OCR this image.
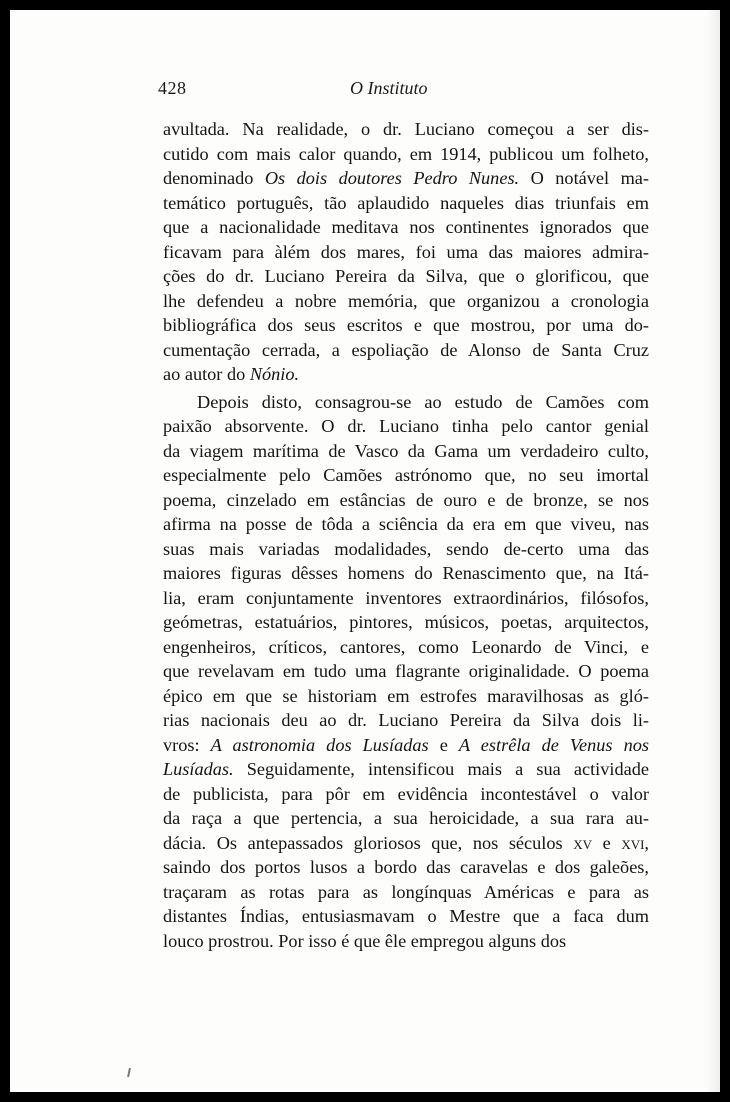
428	O Instituto
avultada. Na realidade, o dr. Luciano começou a ser dis-
cutido com mais calor quando, em 1914, publicou um folheto,
denominado Os dois doutores Pedro Nunes. O notável ma-
temático português, tão aplaudido naqueles dias triunfais em
que a nacionalidade meditava nos continentes ignorados que
ficavam para àlém dos mares, foi uma das maiores admira-
ções do dr. Luciano Pereira da Silva, que o glorificou, que
lhe defendeu a nobre memória, que organizou a cronologia
bibliográfica dos seus escritos e que mostrou, por uma do-
cumentação cerrada, a espoliação de Alonso de Santa Cruz
ao autor do Nónio.
Depois disto, consagrou-se ao estudo de Camões com
paixão absorvente. O dr. Luciano tinha pelo cantor genial
da viagem marítima de Vasco da Gama um verdadeiro culto,
especialmente pelo Camões astrónomo que, no seu imortal
poema, cinzelado em estâncias de ouro e de bronze, se nos
afirma na posse de tôda a sciência da era em que viveu, nas
suas mais variadas modalidades, sendo de-certo uma das
maiores figuras dêsses homens do Renascimento que, na Itá-
lia, eram conjuntamente inventores extraordinários, filósofos,
geómetras, estatuários, pintores, músicos, poetas, arquitectos,
engenheiros, críticos, cantores, como Leonardo de Vinci, e
que revelavam em tudo uma flagrante originalidade. O poema
épico em que se historiam em estrofes maravilhosas as gló-
rias nacionais deu ao dr. Luciano Pereira da Silva dois li-
vros: A astronomia dos Lusíadas e A estrêla de Venus nos
Lusíadas. Seguidamente, intensificou mais a sua actividade
de publicista, para pôr em evidência incontestável o valor
da raça a que pertencia, a sua heroicidade, a sua rara au-
dácia. Os antepassados gloriosos que, nos séculos xv e xvi,
saindo dos portos lusos a bordo das caravelas e dos galeões,
traçaram as rotas para as longínquas Américas e para as
distantes Índias, entusiasmavam o Mestre que a faca dum
louco prostrou. Por isso é que êle empregou alguns dos
